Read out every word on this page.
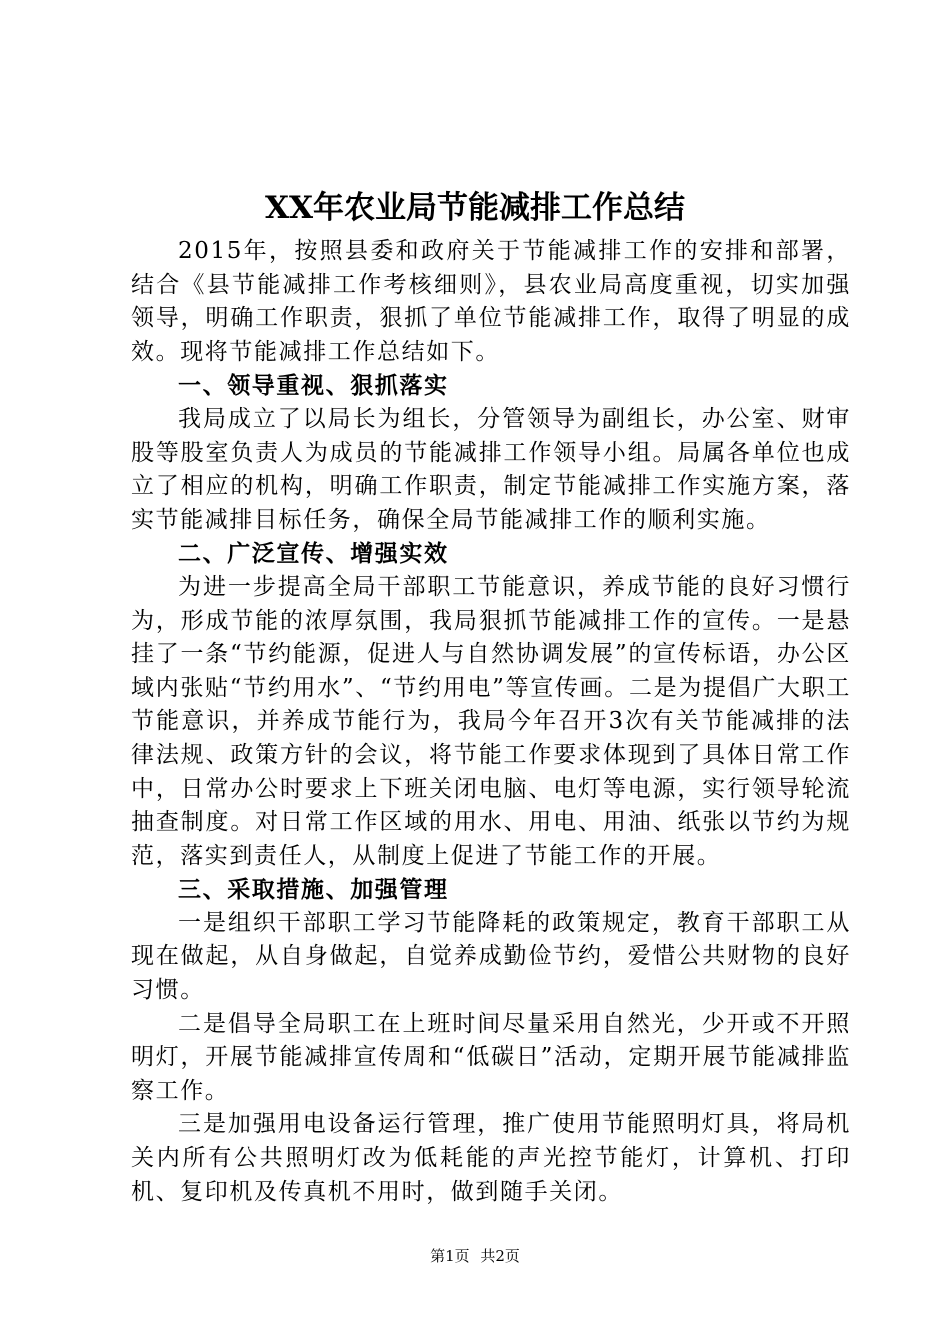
XX年农业局节能减排工作总结

2015年，按照县委和政府关于节能减排工作的安排和部署，结合《县节能减排工作考核细则》，县农业局高度重视，切实加强领导，明确工作职责，狠抓了单位节能减排工作，取得了明显的成效。现将节能减排工作总结如下。

一、领导重视、狠抓落实

我局成立了以局长为组长，分管领导为副组长，办公室、财审股等股室负责人为成员的节能减排工作领导小组。局属各单位也成立了相应的机构，明确工作职责，制定节能减排工作实施方案，落实节能减排目标任务，确保全局节能减排工作的顺利实施。

二、广泛宣传、增强实效

为进一步提高全局干部职工节能意识，养成节能的良好习惯行为，形成节能的浓厚氛围，我局狠抓节能减排工作的宣传。一是悬挂了一条“节约能源，促进人与自然协调发展”的宣传标语，办公区域内张贴“节约用水”、“节约用电”等宣传画。二是为提倡广大职工节能意识，并养成节能行为，我局今年召开3次有关节能减排的法律法规、政策方针的会议，将节能工作要求体现到了具体日常工作中，日常办公时要求上下班关闭电脑、电灯等电源，实行领导轮流抽查制度。对日常工作区域的用水、用电、用油、纸张以节约为规范，落实到责任人，从制度上促进了节能工作的开展。

三、采取措施、加强管理

一是组织干部职工学习节能降耗的政策规定，教育干部职工从现在做起，从自身做起，自觉养成勤俭节约，爱惜公共财物的良好习惯。

二是倡导全局职工在上班时间尽量采用自然光，少开或不开照明灯，开展节能减排宣传周和“低碳日”活动，定期开展节能减排监察工作。

三是加强用电设备运行管理，推广使用节能照明灯具，将局机关内所有公共照明灯改为低耗能的声光控节能灯，计算机、打印机、复印机及传真机不用时，做到随手关闭。

第1页 共2页
